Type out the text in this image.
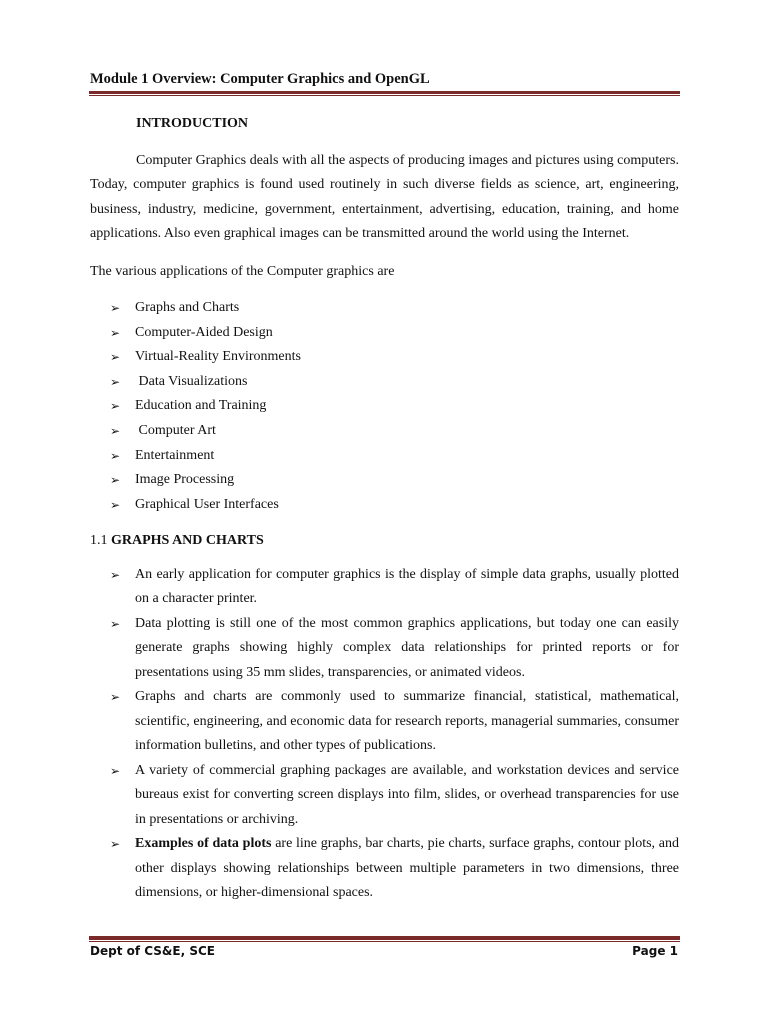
Module 1 Overview: Computer Graphics and OpenGL
INTRODUCTION

Computer Graphics deals with all the aspects of producing images and pictures using computers. Today, computer graphics is found used routinely in such diverse fields as science, art, engineering, business, industry, medicine, government, entertainment, advertising, education, training, and home applications. Also even graphical images can be transmitted around the world using the Internet.

The various applications of the Computer graphics are
➢ Graphs and Charts
➢ Computer-Aided Design
➢ Virtual-Reality Environments
➢ Data Visualizations
➢ Education and Training
➢ Computer Art
➢ Entertainment
➢ Image Processing
➢ Graphical User Interfaces
1.1 GRAPHS AND CHARTS
➢ An early application for computer graphics is the display of simple data graphs, usually plotted on a character printer.
➢ Data plotting is still one of the most common graphics applications, but today one can easily generate graphs showing highly complex data relationships for printed reports or for presentations using 35 mm slides, transparencies, or animated videos.
➢ Graphs and charts are commonly used to summarize financial, statistical, mathematical, scientific, engineering, and economic data for research reports, managerial summaries, consumer information bulletins, and other types of publications.
➢ A variety of commercial graphing packages are available, and workstation devices and service bureaus exist for converting screen displays into film, slides, or overhead transparencies for use in presentations or archiving.
➢ Examples of data plots are line graphs, bar charts, pie charts, surface graphs, contour plots, and other displays showing relationships between multiple parameters in two dimensions, three dimensions, or higher-dimensional spaces.
Dept of CS&E, SCE	Page 1
